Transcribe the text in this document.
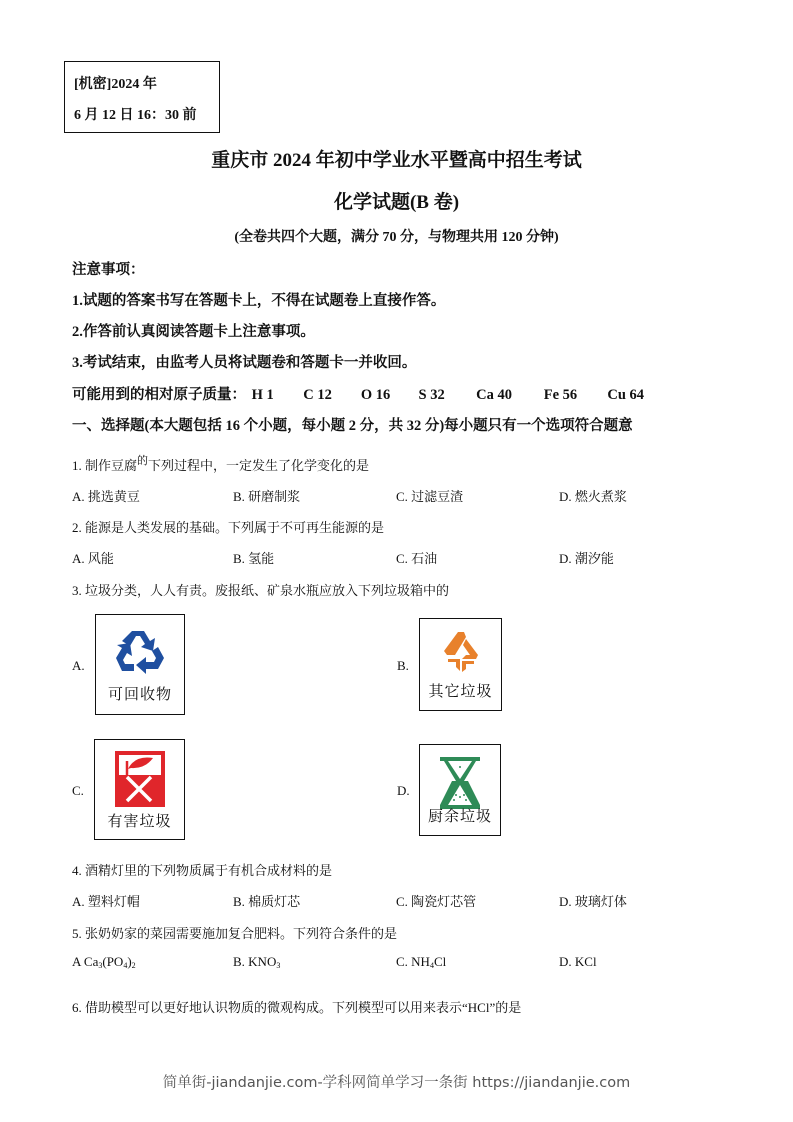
[机密]2024 年
6 月 12 日 16：30 前
重庆市 2024 年初中学业水平暨高中招生考试
化学试题(B 卷)
(全卷共四个大题，满分 70 分，与物理共用 120 分钟)
注意事项：
1.试题的答案书写在答题卡上，不得在试题卷上直接作答。
2.作答前认真阅读答题卡上注意事项。
3.考试结束，由监考人员将试题卷和答题卡一并收回。
可能用到的相对原子质量： H 1 C 12 O 16 S 32 Ca 40 Fe 56 Cu 64
一、选择题(本大题包括 16 个小题，每小题 2 分，共 32 分)每小题只有一个选项符合题意
1. 制作豆腐$^的$下列过程中，一定发生了化学变化的是
A. 挑选黄豆	B. 研磨制浆	C. 过滤豆渣	D. 燃火煮浆
2. 能源是人类发展的基础。下列属于不可再生能源的是
A. 风能	B. 氢能	C. 石油	D. 潮汐能
3. 垃圾分类，人人有责。废报纸、矿泉水瓶应放入下列垃圾箱中的
A.
可回收物
B.
其它垃圾
C.
有害垃圾
D.
厨余垃圾
4. 酒精灯里的下列物质属于有机合成材料的是
A. 塑料灯帽	B. 棉质灯芯	C. 陶瓷灯芯管	D. 玻璃灯体
5. 张奶奶家的菜园需要施加复合肥料。下列符合条件的是
A $Ca_3(PO_4)_2$	B. $KNO_3$	C. $NH_4Cl$	D. KCl
6. 借助模型可以更好地认识物质的微观构成。下列模型可以用来表示“HCl”的是
简单街-jiandanjie.com-学科网简单学习一条街 https://jiandanjie.com
